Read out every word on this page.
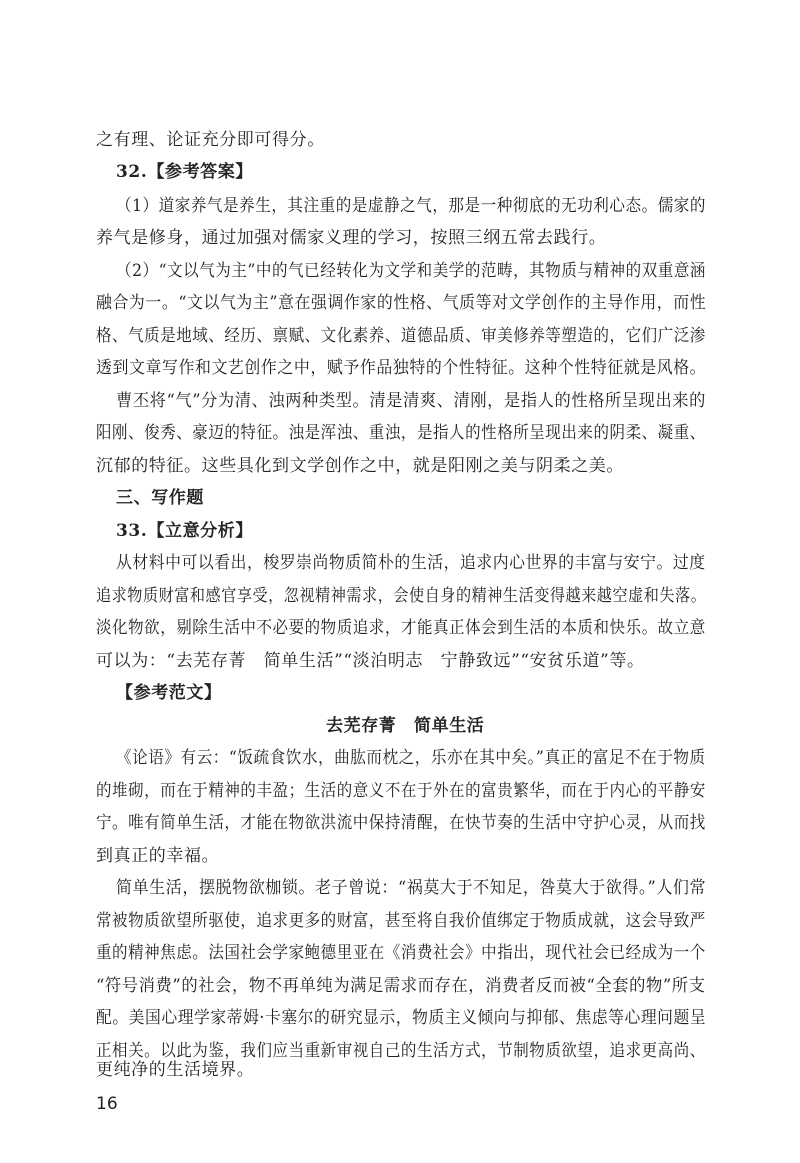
之有理、论证充分即可得分。
32.【参考答案】
（1）道家养气是养生，其注重的是虚静之气，那是一种彻底的无功利心态。儒家的
养气是修身，通过加强对儒家义理的学习，按照三纲五常去践行。
（2）“文以气为主”中的气已经转化为文学和美学的范畴，其物质与精神的双重意涵
融合为一。“文以气为主”意在强调作家的性格、气质等对文学创作的主导作用，而性
格、气质是地域、经历、禀赋、文化素养、道德品质、审美修养等塑造的，它们广泛渗
透到文章写作和文艺创作之中，赋予作品独特的个性特征。这种个性特征就是风格。
曹丕将“气”分为清、浊两种类型。清是清爽、清刚，是指人的性格所呈现出来的
阳刚、俊秀、豪迈的特征。浊是浑浊、重浊，是指人的性格所呈现出来的阴柔、凝重、
沉郁的特征。这些具化到文学创作之中，就是阳刚之美与阴柔之美。
三、写作题
33.【立意分析】
从材料中可以看出，梭罗崇尚物质简朴的生活，追求内心世界的丰富与安宁。过度
追求物质财富和感官享受，忽视精神需求，会使自身的精神生活变得越来越空虚和失落。
淡化物欲，剔除生活中不必要的物质追求，才能真正体会到生活的本质和快乐。故立意
可以为：“去芜存菁　简单生活”“淡泊明志　宁静致远”“安贫乐道”等。
【参考范文】
去芜存菁　简单生活
《论语》有云：“饭疏食饮水，曲肱而枕之，乐亦在其中矣。”真正的富足不在于物质
的堆砌，而在于精神的丰盈；生活的意义不在于外在的富贵繁华，而在于内心的平静安
宁。唯有简单生活，才能在物欲洪流中保持清醒，在快节奏的生活中守护心灵，从而找
到真正的幸福。
简单生活，摆脱物欲枷锁。老子曾说：“祸莫大于不知足，咎莫大于欲得。”人们常
常被物质欲望所驱使，追求更多的财富，甚至将自我价值绑定于物质成就，这会导致严
重的精神焦虑。法国社会学家鲍德里亚在《消费社会》中指出，现代社会已经成为一个
“符号消费”的社会，物不再单纯为满足需求而存在，消费者反而被“全套的物”所支
配。美国心理学家蒂姆·卡塞尔的研究显示，物质主义倾向与抑郁、焦虑等心理问题呈
正相关。以此为鉴，我们应当重新审视自己的生活方式，节制物质欲望，追求更高尚、
更纯净的生活境界。
16
